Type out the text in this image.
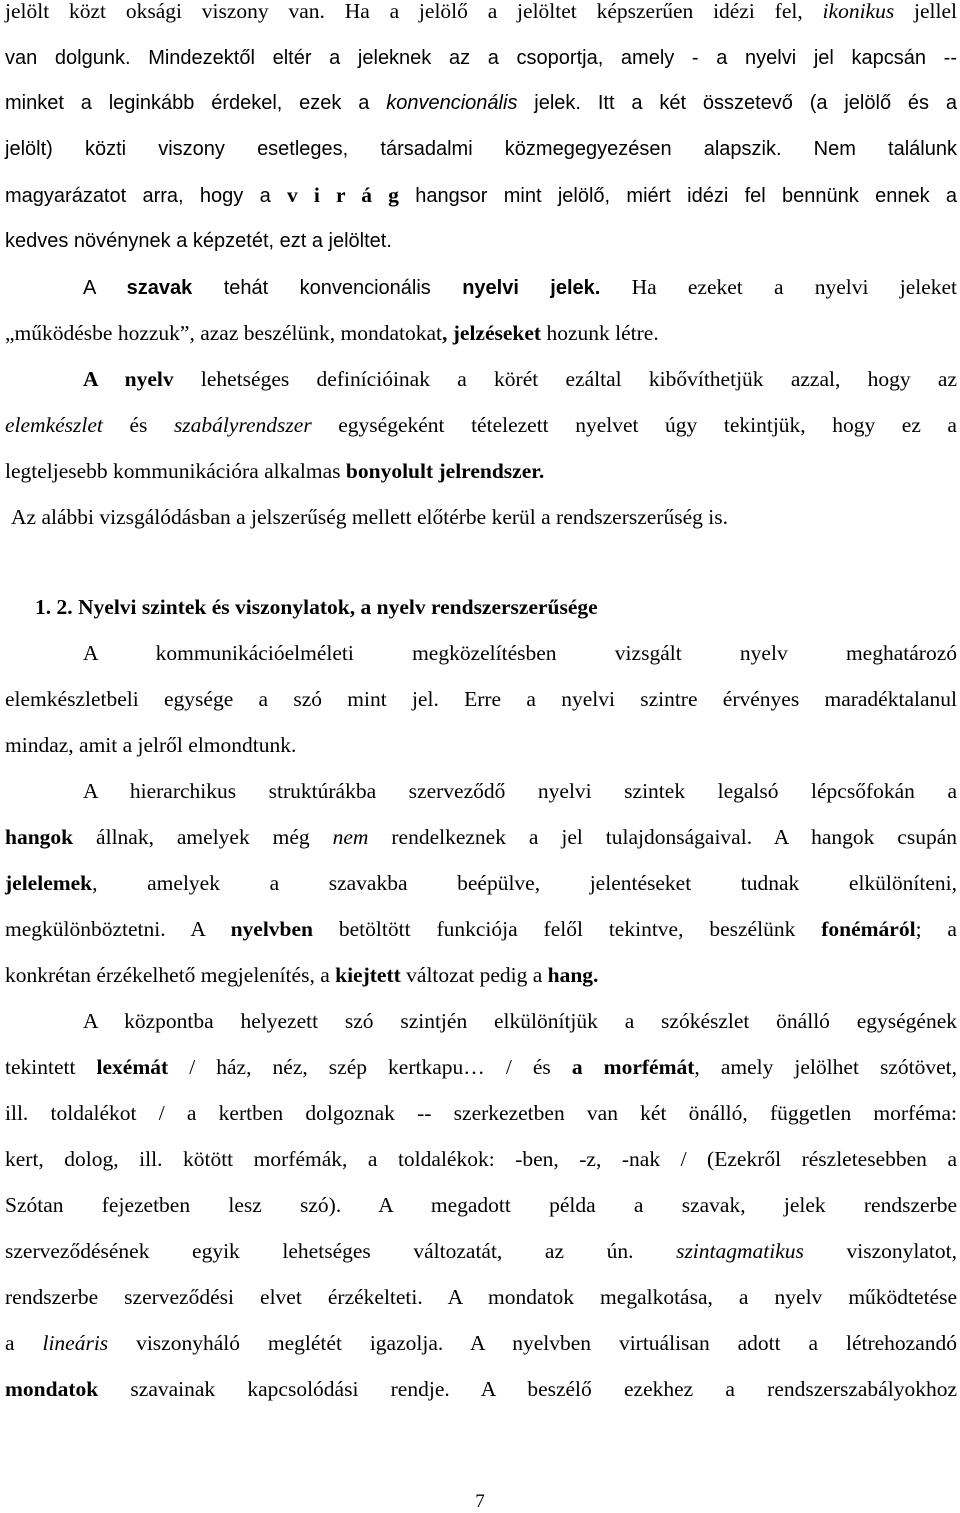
jelölt közt oksági viszony van. Ha a jelölő a jelöltet képszerűen idézi fel, ikonikus jellel
van dolgunk. Mindezektől eltér a jeleknek az a csoportja, amely - a nyelvi jel kapcsán --
minket a leginkább érdekel, ezek a konvencionális jelek. Itt a két összetevő (a jelölő és a
jelölt) közti viszony esetleges, társadalmi közmegegyezésen alapszik. Nem találunk
magyarázatot arra, hogy a v i r á g hangsor mint jelölő, miért idézi fel bennünk ennek a
kedves növénynek a képzetét, ezt a jelöltet.
A szavak tehát konvencionális nyelvi jelek. Ha ezeket a nyelvi jeleket
„működésbe hozzuk”, azaz beszélünk, mondatokat, jelzéseket hozunk létre.
A nyelv lehetséges definícióinak a körét ezáltal kibővíthetjük azzal, hogy az
elemkészlet és szabályrendszer egységeként tételezett nyelvet úgy tekintjük, hogy ez a
legteljesebb kommunikációra alkalmas bonyolult jelrendszer.
Az alábbi vizsgálódásban a jelszerűség mellett előtérbe kerül a rendszerszerűség is.
1. 2. Nyelvi szintek és viszonylatok, a nyelv rendszerszerűsége
A kommunikációelméleti megközelítésben vizsgált nyelv meghatározó
elemkészletbeli egysége a szó mint jel. Erre a nyelvi szintre érvényes maradéktalanul
mindaz, amit a jelről elmondtunk.
A hierarchikus struktúrákba szerveződő nyelvi szintek legalsó lépcsőfokán a
hangok állnak, amelyek még nem rendelkeznek a jel tulajdonságaival. A hangok csupán
jelelemek, amelyek a szavakba beépülve, jelentéseket tudnak elkülöníteni,
megkülönböztetni. A nyelvben betöltött funkciója felől tekintve, beszélünk fonémáról; a
konkrétan érzékelhető megjelenítés, a kiejtett változat pedig a hang.
A központba helyezett szó szintjén elkülönítjük a szókészlet önálló egységének
tekintett lexémát / ház, néz, szép kertkapu… / és a morfémát, amely jelölhet szótövet,
ill. toldalékot / a kertben dolgoznak -- szerkezetben van két önálló, független morféma:
kert, dolog, ill. kötött morfémák, a toldalékok: -ben, -z, -nak / (Ezekről részletesebben a
Szótan fejezetben lesz szó). A megadott példa a szavak, jelek rendszerbe
szerveződésének egyik lehetséges változatát, az ún. szintagmatikus viszonylatot,
rendszerbe szerveződési elvet érzékelteti. A mondatok megalkotása, a nyelv működtetése
a lineáris viszonyháló meglétét igazolja. A nyelvben virtuálisan adott a létrehozandó
mondatok szavainak kapcsolódási rendje. A beszélő ezekhez a rendszerszabályokhoz
7
